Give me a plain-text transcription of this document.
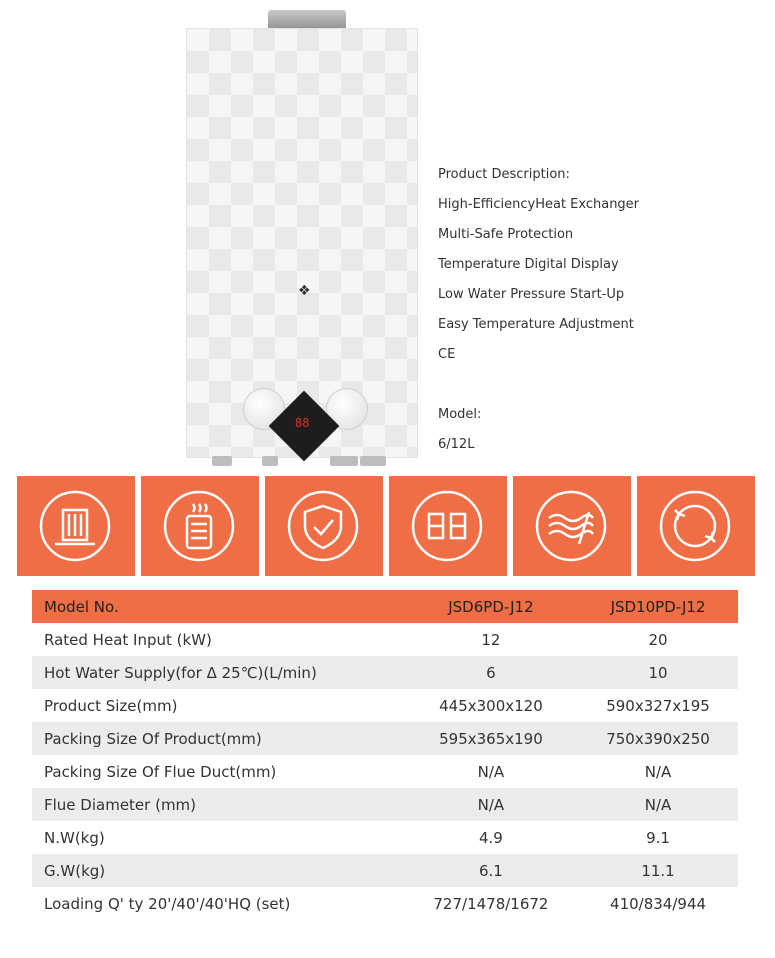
❖
88
Product Description:
High-EfficiencyHeat Exchanger
Multi-Safe Protection
Temperature Digital Display
Low Water Pressure Start-Up
Easy Temperature Adjustment
CE
Model:
6/12L
Model No.	JSD6PD-J12	JSD10PD-J12
Rated Heat Input (kW)	12	20
Hot Water Supply(for Δ 25℃)(L/min)	6	10
Product Size(mm)	445x300x120	590x327x195
Packing Size Of Product(mm)	595x365x190	750x390x250
Packing Size Of Flue Duct(mm)	N/A	N/A
Flue Diameter (mm)	N/A	N/A
N.W(kg)	4.9	9.1
G.W(kg)	6.1	11.1
Loading Q' ty 20'/40'/40'HQ (set)	727/1478/1672	410/834/944
